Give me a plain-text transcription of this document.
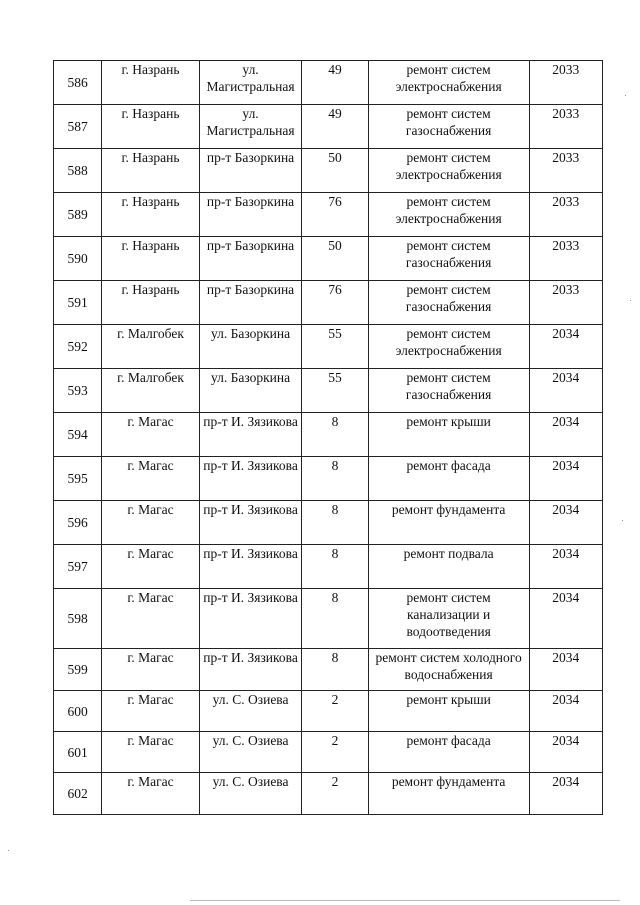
586	г. Назрань	ул. Магистральная	49	ремонт систем электроснабжения	2033
587	г. Назрань	ул. Магистральная	49	ремонт систем газоснабжения	2033
588	г. Назрань	пр-т Базоркина	50	ремонт систем электроснабжения	2033
589	г. Назрань	пр-т Базоркина	76	ремонт систем электроснабжения	2033
590	г. Назрань	пр-т Базоркина	50	ремонт систем газоснабжения	2033
591	г. Назрань	пр-т Базоркина	76	ремонт систем газоснабжения	2033
592	г. Малгобек	ул. Базоркина	55	ремонт систем электроснабжения	2034
593	г. Малгобек	ул. Базоркина	55	ремонт систем газоснабжения	2034
594	г. Магас	пр-т И. Зязикова	8	ремонт крыши	2034
595	г. Магас	пр-т И. Зязикова	8	ремонт фасада	2034
596	г. Магас	пр-т И. Зязикова	8	ремонт фундамента	2034
597	г. Магас	пр-т И. Зязикова	8	ремонт подвала	2034
598	г. Магас	пр-т И. Зязикова	8	ремонт систем канализации и водоотведения	2034
599	г. Магас	пр-т И. Зязикова	8	ремонт систем холодного водоснабжения	2034
600	г. Магас	ул. С. Озиева	2	ремонт крыши	2034
601	г. Магас	ул. С. Озиева	2	ремонт фасада	2034
602	г. Магас	ул. С. Озиева	2	ремонт фундамента	2034
